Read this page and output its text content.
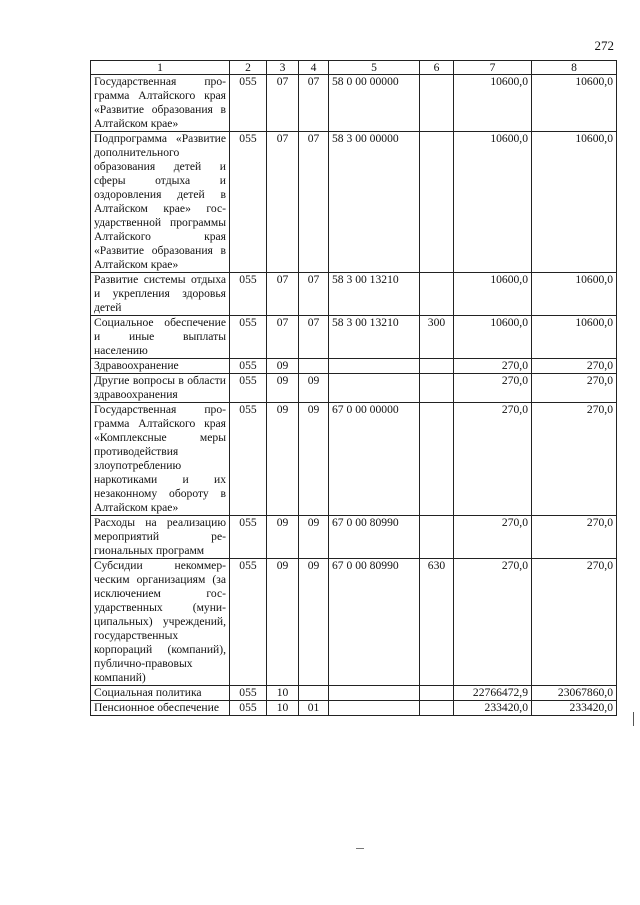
272
1	2	3	4	5	6	7	8
Государственная программа Алтайского края «Развитие образования в Алтайском крае»	055	07	07	58 0 00 00000		10600,0	10600,0
Подпрограмма «Развитие дополнительного образования детей и сферы отдыха и оздоровления детей в Алтайском крае» государственной программы Алтайского края «Развитие образования в Алтайском крае»	055	07	07	58 3 00 00000		10600,0	10600,0
Развитие системы отдыха и укрепления здоровья детей	055	07	07	58 3 00 13210		10600,0	10600,0
Социальное обеспечение и иные выплаты населению	055	07	07	58 3 00 13210	300	10600,0	10600,0
Здравоохранение	055	09				270,0	270,0
Другие вопросы в области здравоохранения	055	09	09			270,0	270,0
Государственная программа Алтайского края «Комплексные меры противодействия злоупотреблению наркотиками и их незаконному обороту в Алтайском крае»	055	09	09	67 0 00 00000		270,0	270,0
Расходы на реализацию мероприятий региональных программ	055	09	09	67 0 00 80990		270,0	270,0
Субсидии некоммерческим организациям (за исключением государственных (муниципальных) учреждений, государственных корпораций (компаний), публично-правовых компаний)	055	09	09	67 0 00 80990	630	270,0	270,0
Социальная политика	055	10				22766472,9	23067860,0
Пенсионное обеспечение	055	10	01			233420,0	233420,0
